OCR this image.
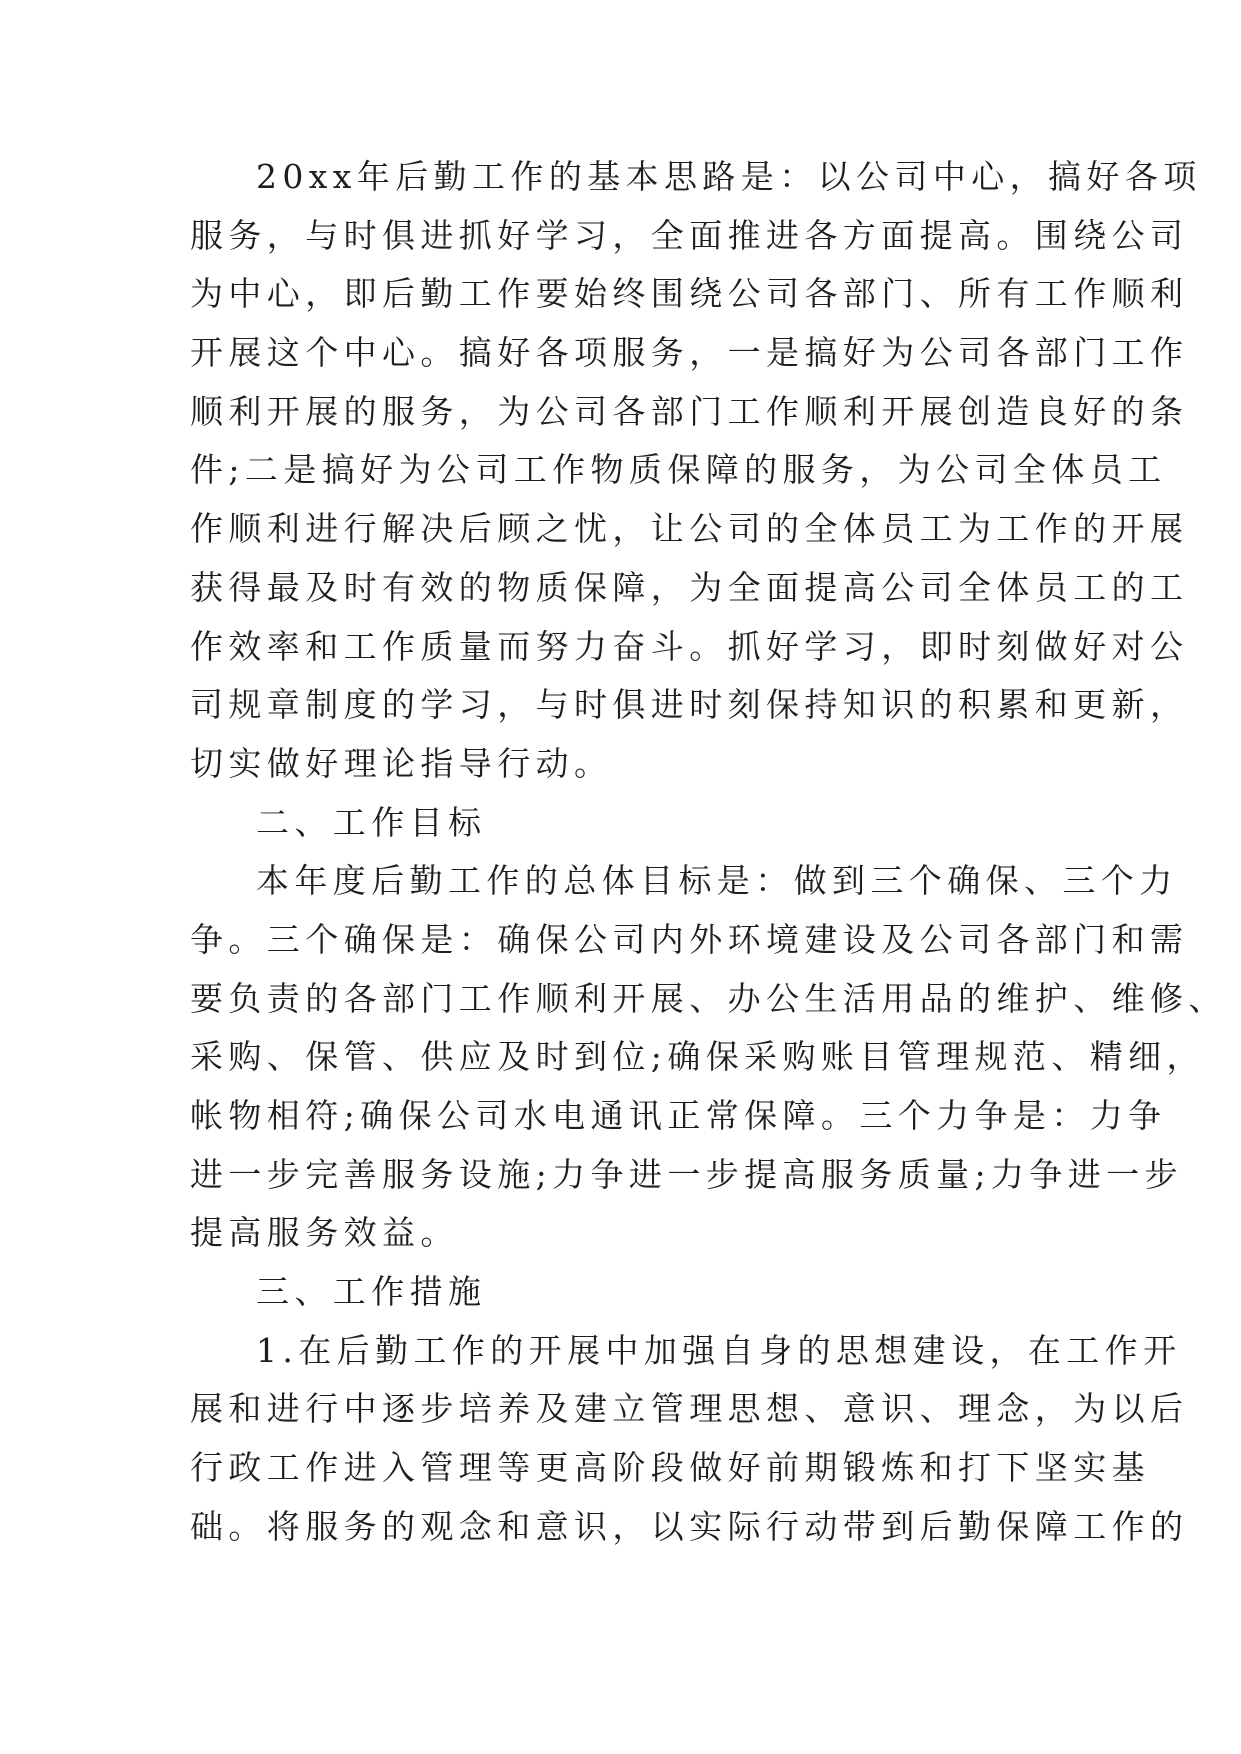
20xx年后勤工作的基本思路是：以公司中心，搞好各项
服务，与时俱进抓好学习，全面推进各方面提高。围绕公司
为中心，即后勤工作要始终围绕公司各部门、所有工作顺利
开展这个中心。搞好各项服务，一是搞好为公司各部门工作
顺利开展的服务，为公司各部门工作顺利开展创造良好的条
件;二是搞好为公司工作物质保障的服务，为公司全体员工
作顺利进行解决后顾之忧，让公司的全体员工为工作的开展
获得最及时有效的物质保障，为全面提高公司全体员工的工
作效率和工作质量而努力奋斗。抓好学习，即时刻做好对公
司规章制度的学习，与时俱进时刻保持知识的积累和更新，
切实做好理论指导行动。
二、工作目标
本年度后勤工作的总体目标是：做到三个确保、三个力
争。三个确保是：确保公司内外环境建设及公司各部门和需
要负责的各部门工作顺利开展、办公生活用品的维护、维修、
采购、保管、供应及时到位;确保采购账目管理规范、精细，
帐物相符;确保公司水电通讯正常保障。三个力争是：力争
进一步完善服务设施;力争进一步提高服务质量;力争进一步
提高服务效益。
三、工作措施
1.在后勤工作的开展中加强自身的思想建设，在工作开
展和进行中逐步培养及建立管理思想、意识、理念，为以后
行政工作进入管理等更高阶段做好前期锻炼和打下坚实基
础。将服务的观念和意识，以实际行动带到后勤保障工作的
